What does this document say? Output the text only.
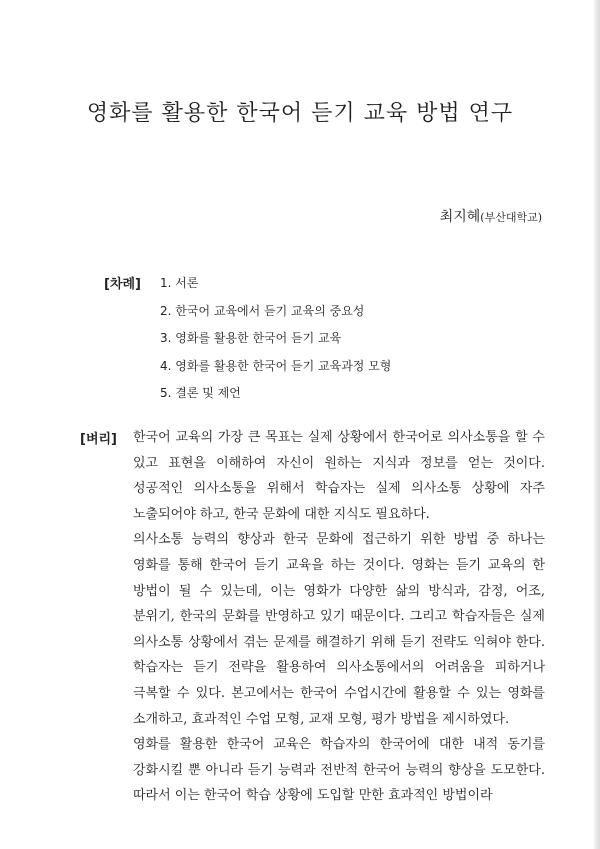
영화를 활용한 한국어 듣기 교육 방법 연구
최지혜(부산대학교)
[차례] 1. 서론
2. 한국어 교육에서 듣기 교육의 중요성
3. 영화를 활용한 한국어 듣기 교육
4. 영화를 활용한 한국어 듣기 교육과정 모형
5. 결론 및 제언
[벼리] 한국어 교육의 가장 큰 목표는 실제 상황에서 한국어로 의사소통을 할 수 있고 표현을 이해하여 자신이 원하는 지식과 정보를 얻는 것이다. 성공적인 의사소통을 위해서 학습자는 실제 의사소통 상황에 자주 노출되어야 하고, 한국 문화에 대한 지식도 필요하다.

의사소통 능력의 향상과 한국 문화에 접근하기 위한 방법 중 하나는 영화를 통해 한국어 듣기 교육을 하는 것이다. 영화는 듣기 교육의 한 방법이 될 수 있는데, 이는 영화가 다양한 삶의 방식과, 감정, 어조, 분위기, 한국의 문화를 반영하고 있기 때문이다. 그리고 학습자들은 실제 의사소통 상황에서 겪는 문제를 해결하기 위해 듣기 전략도 익혀야 한다. 학습자는 듣기 전략을 활용하여 의사소통에서의 어려움을 피하거나 극복할 수 있다. 본고에서는 한국어 수업시간에 활용할 수 있는 영화를 소개하고, 효과적인 수업 모형, 교재 모형, 평가 방법을 제시하였다.

영화를 활용한 한국어 교육은 학습자의 한국어에 대한 내적 동기를 강화시킬 뿐 아니라 듣기 능력과 전반적 한국어 능력의 향상을 도모한다. 따라서 이는 한국어 학습 상황에 도입할 만한 효과적인 방법이라
